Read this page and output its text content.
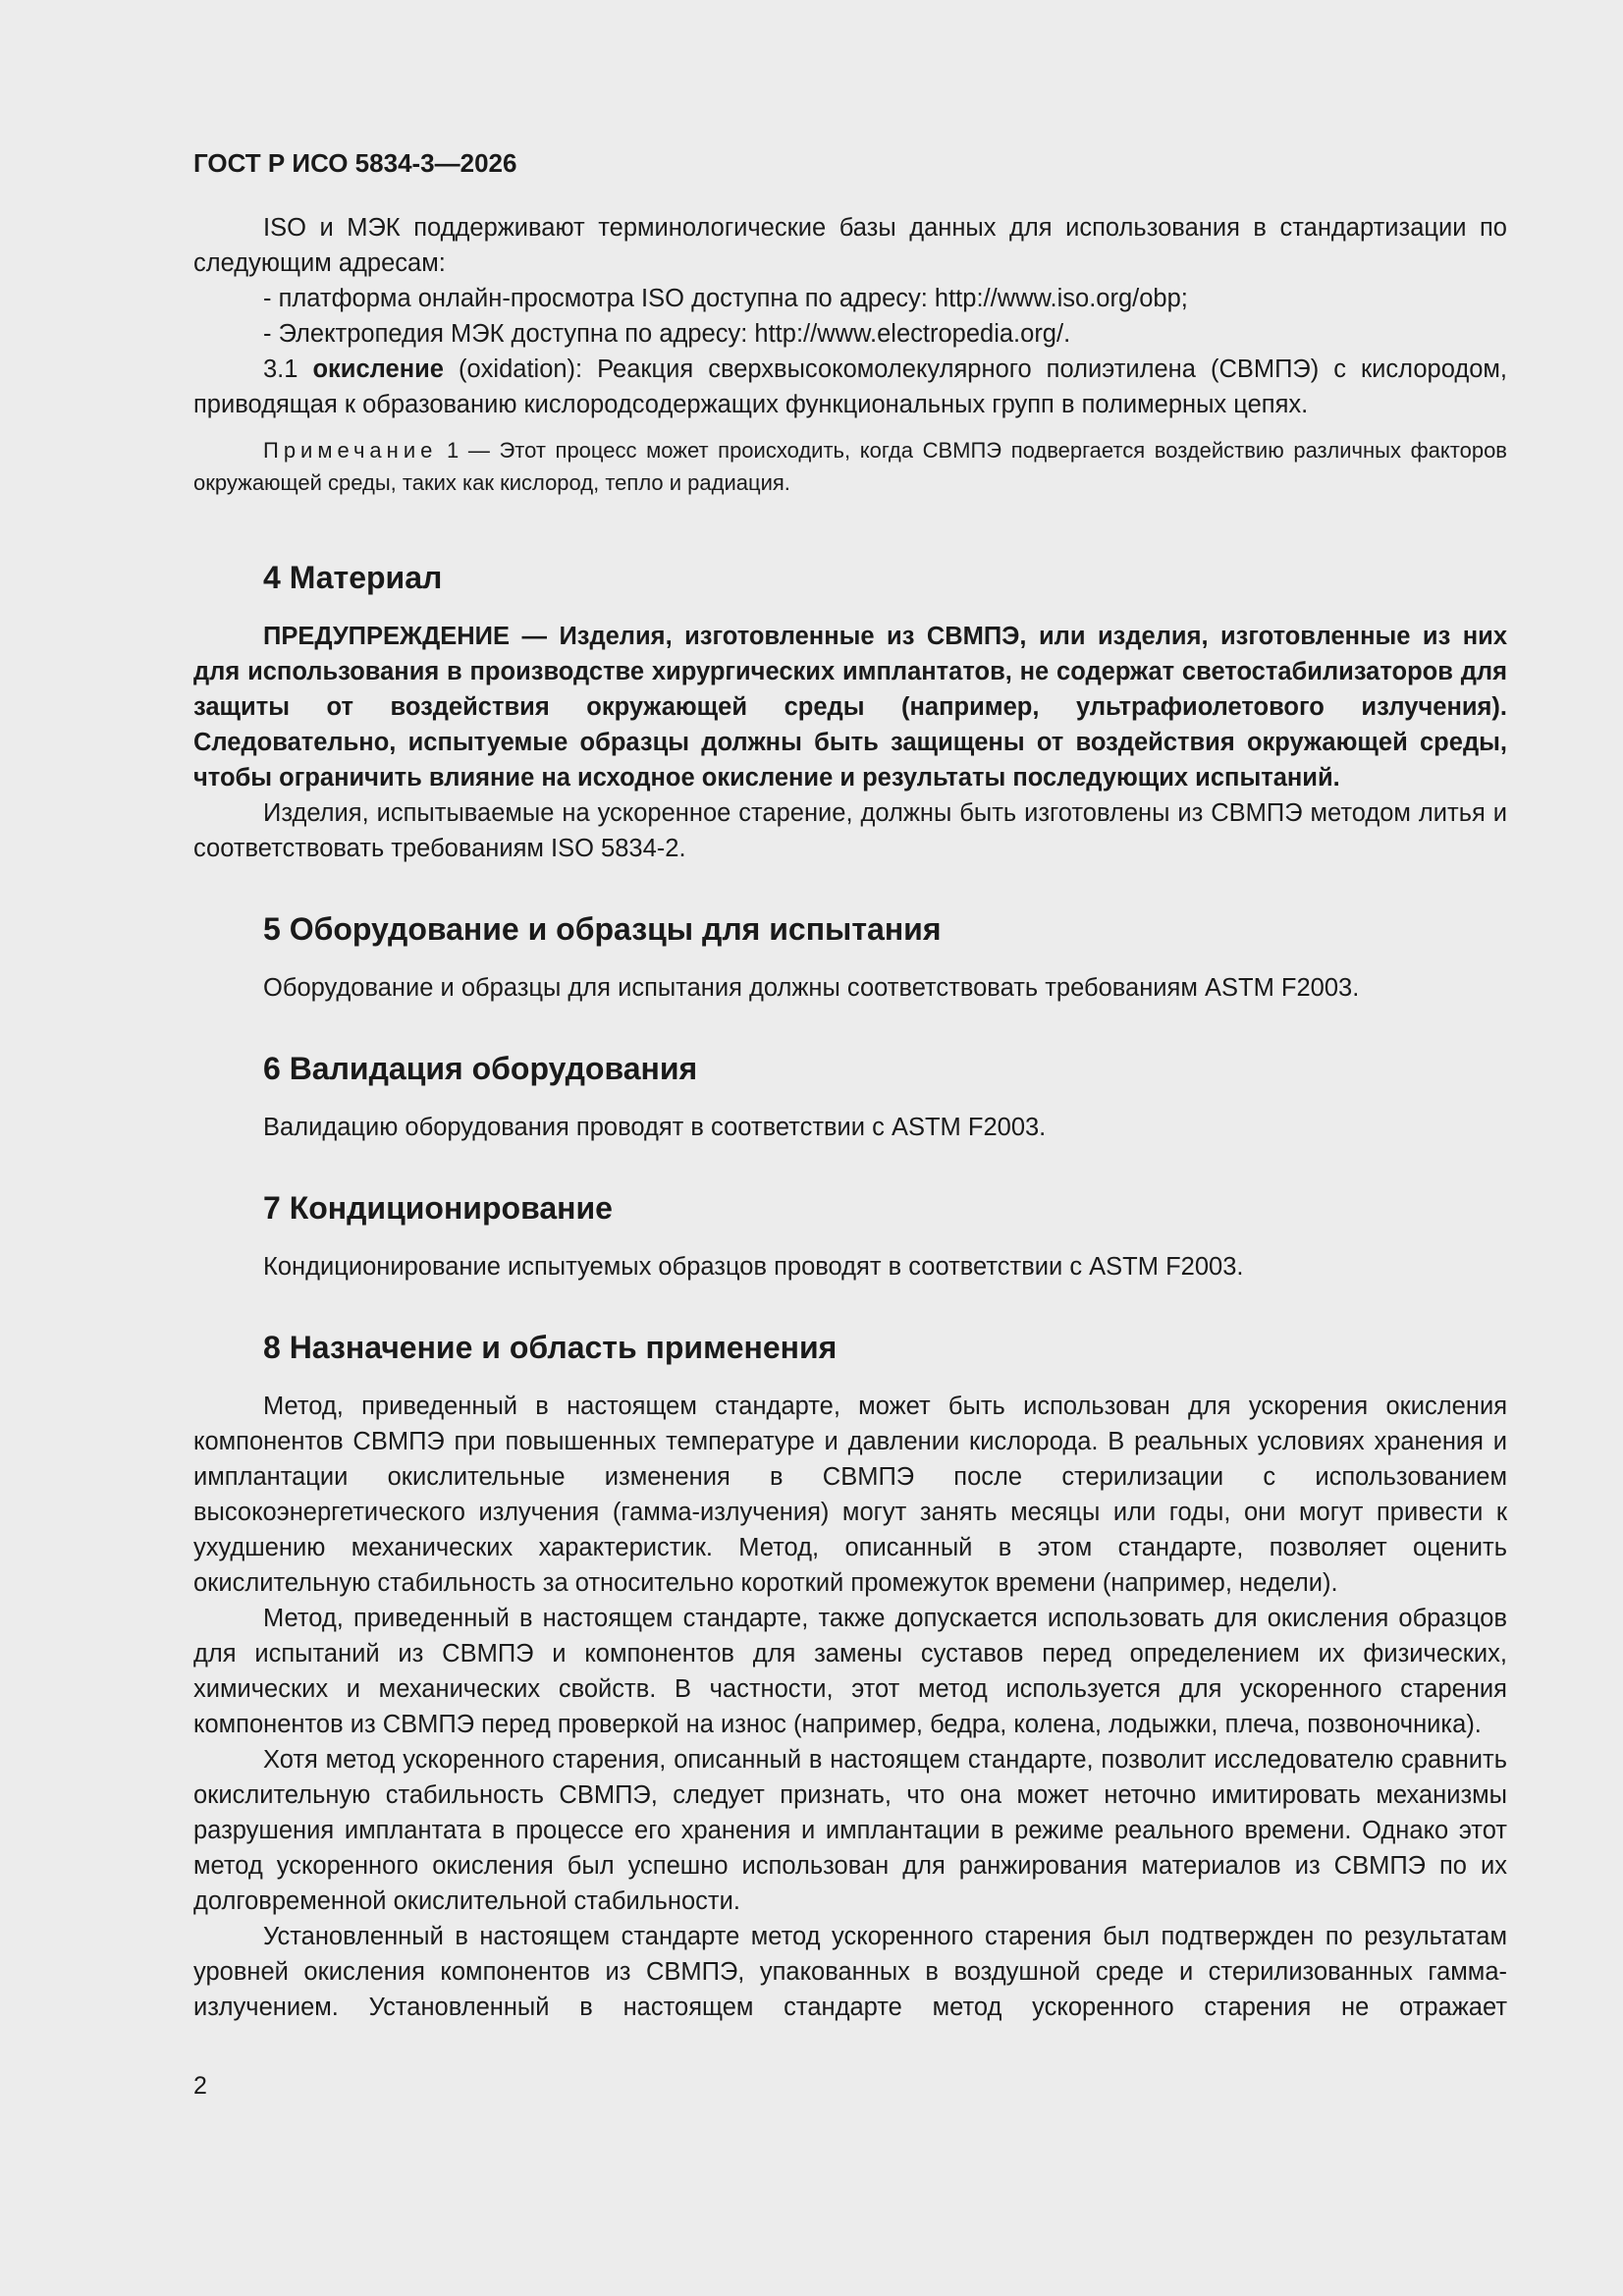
ГОСТ Р ИСО 5834-3—2026

ISO и МЭК поддерживают терминологические базы данных для использования в стандартизации по следующим адресам:

- платформа онлайн-просмотра ISO доступна по адресу: http://www.iso.org/obp;

- Электропедия МЭК доступна по адресу: http://www.electropedia.org/.

3.1 окисление (oxidation): Реакция сверхвысокомолекулярного полиэтилена (СВМПЭ) с кислородом, приводящая к образованию кислородсодержащих функциональных групп в полимерных цепях.

Примечание 1 — Этот процесс может происходить, когда СВМПЭ подвергается воздействию различных факторов окружающей среды, таких как кислород, тепло и радиация.

4 Материал

ПРЕДУПРЕЖДЕНИЕ — Изделия, изготовленные из СВМПЭ, или изделия, изготовленные из них для использования в производстве хирургических имплантатов, не содержат светостабилизаторов для защиты от воздействия окружающей среды (например, ультрафиолетового излучения). Следовательно, испытуемые образцы должны быть защищены от воздействия окружающей среды, чтобы ограничить влияние на исходное окисление и результаты последующих испытаний.

Изделия, испытываемые на ускоренное старение, должны быть изготовлены из СВМПЭ методом литья и соответствовать требованиям ISO 5834-2.

5 Оборудование и образцы для испытания

Оборудование и образцы для испытания должны соответствовать требованиям ASTM F2003.

6 Валидация оборудования

Валидацию оборудования проводят в соответствии с ASTM F2003.

7 Кондиционирование

Кондиционирование испытуемых образцов проводят в соответствии с ASTM F2003.

8 Назначение и область применения

Метод, приведенный в настоящем стандарте, может быть использован для ускорения окисления компонентов СВМПЭ при повышенных температуре и давлении кислорода. В реальных условиях хранения и имплантации окислительные изменения в СВМПЭ после стерилизации с использованием высокоэнергетического излучения (гамма-излучения) могут занять месяцы или годы, они могут привести к ухудшению механических характеристик. Метод, описанный в этом стандарте, позволяет оценить окислительную стабильность за относительно короткий промежуток времени (например, недели).

Метод, приведенный в настоящем стандарте, также допускается использовать для окисления образцов для испытаний из СВМПЭ и компонентов для замены суставов перед определением их физических, химических и механических свойств. В частности, этот метод используется для ускоренного старения компонентов из СВМПЭ перед проверкой на износ (например, бедра, колена, лодыжки, плеча, позвоночника).

Хотя метод ускоренного старения, описанный в настоящем стандарте, позволит исследователю сравнить окислительную стабильность СВМПЭ, следует признать, что она может неточно имитировать механизмы разрушения имплантата в процессе его хранения и имплантации в режиме реального времени. Однако этот метод ускоренного окисления был успешно использован для ранжирования материалов из СВМПЭ по их долговременной окислительной стабильности.

Установленный в настоящем стандарте метод ускоренного старения был подтвержден по результатам уровней окисления компонентов из СВМПЭ, упакованных в воздушной среде и стерилизованных гамма-излучением. Установленный в настоящем стандарте метод ускоренного старения не отражает

2
